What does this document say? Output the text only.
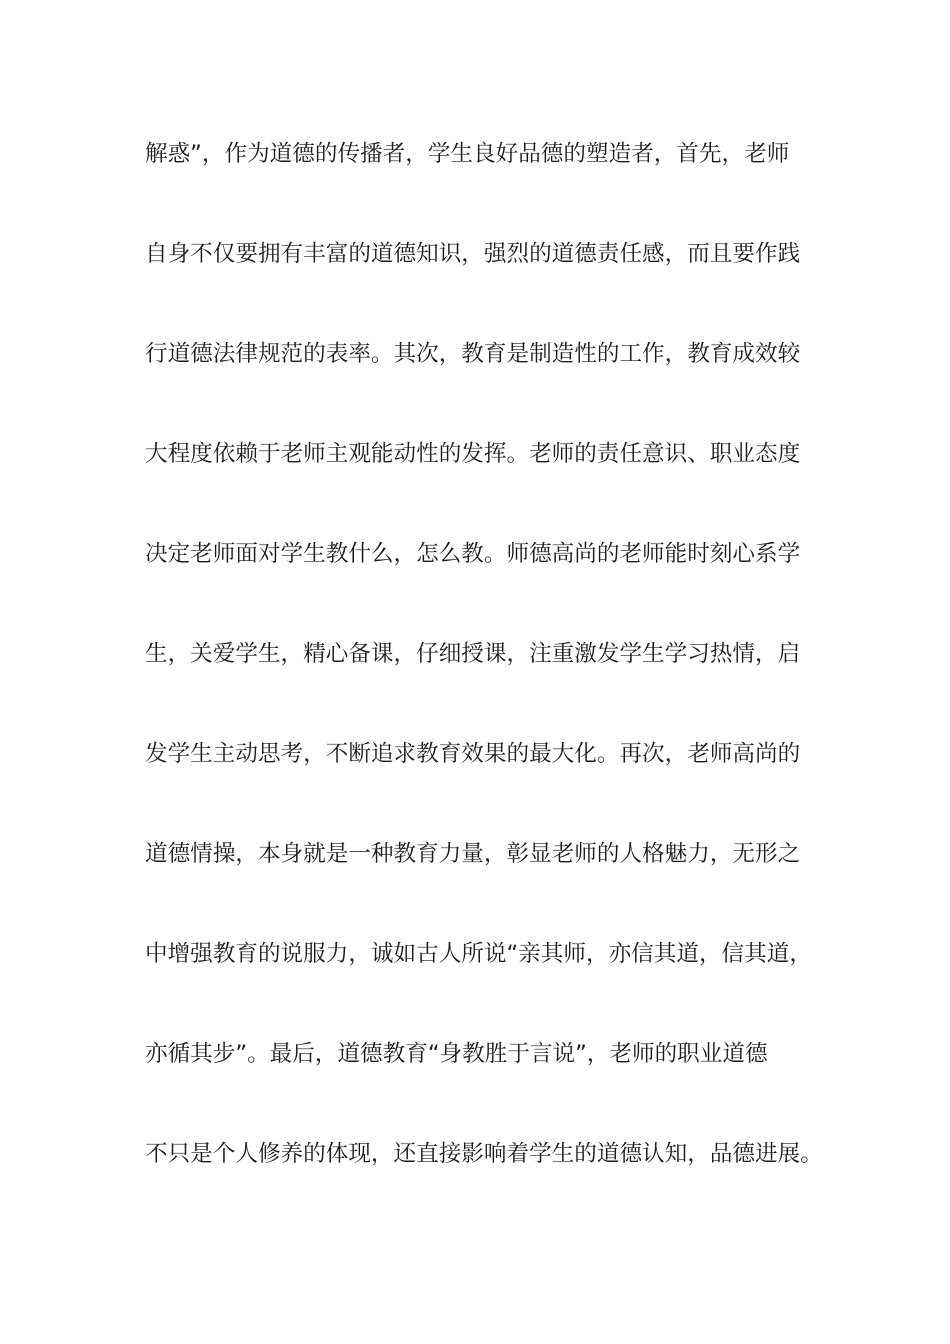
解惑”，作为道德的传播者，学生良好品德的塑造者，首先，老师
自身不仅要拥有丰富的道德知识，强烈的道德责任感，而且要作践
行道德法律规范的表率。其次，教育是制造性的工作，教育成效较
大程度依赖于老师主观能动性的发挥。老师的责任意识、职业态度
决定老师面对学生教什么，怎么教。师德高尚的老师能时刻心系学
生，关爱学生，精心备课，仔细授课，注重激发学生学习热情，启
发学生主动思考，不断追求教育效果的最大化。再次，老师高尚的
道德情操，本身就是一种教育力量，彰显老师的人格魅力，无形之
中增强教育的说服力，诚如古人所说“亲其师，亦信其道，信其道，
亦循其步”。最后，道德教育“身教胜于言说”，老师的职业道德
不只是个人修养的体现，还直接影响着学生的道德认知，品德进展。
